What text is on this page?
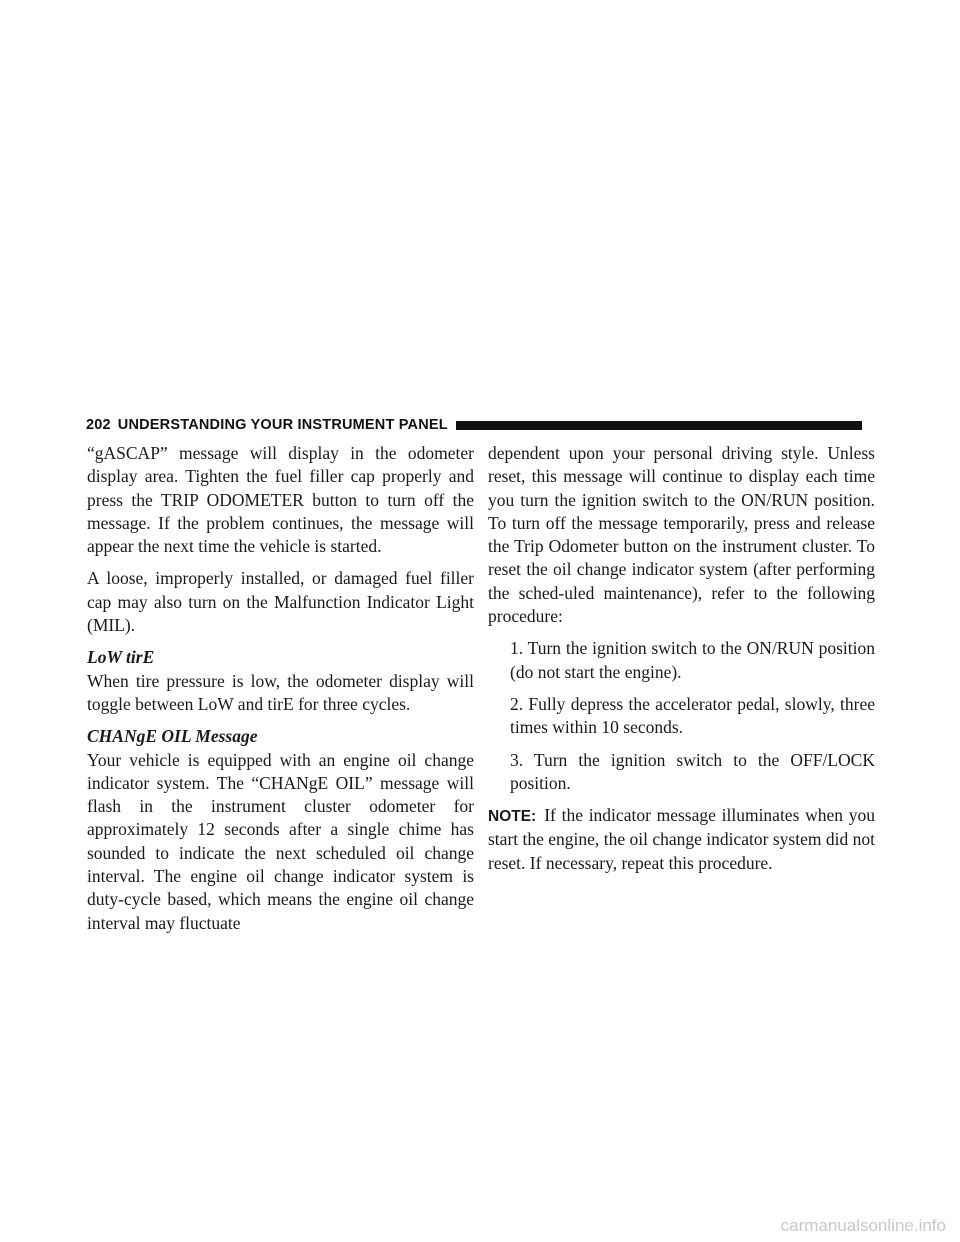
202 UNDERSTANDING YOUR INSTRUMENT PANEL

“gASCAP” message will display in the odometer display area. Tighten the fuel filler cap properly and press the TRIP ODOMETER button to turn off the message. If the problem continues, the message will appear the next time the vehicle is started.

A loose, improperly installed, or damaged fuel filler cap may also turn on the Malfunction Indicator Light (MIL).

LoW tirE

When tire pressure is low, the odometer display will toggle between LoW and tirE for three cycles.

CHANgE OIL Message

Your vehicle is equipped with an engine oil change indicator system. The “CHANgE OIL” message will flash in the instrument cluster odometer for approximately 12 seconds after a single chime has sounded to indicate the next scheduled oil change interval. The engine oil change indicator system is duty-cycle based, which means the engine oil change interval may fluctuate

dependent upon your personal driving style. Unless reset, this message will continue to display each time you turn the ignition switch to the ON/RUN position. To turn off the message temporarily, press and release the Trip Odometer button on the instrument cluster. To reset the oil change indicator system (after performing the sched-uled maintenance), refer to the following procedure:

1. Turn the ignition switch to the ON/RUN position (do not start the engine).
2. Fully depress the accelerator pedal, slowly, three times within 10 seconds.
3. Turn the ignition switch to the OFF/LOCK position.

NOTE: If the indicator message illuminates when you start the engine, the oil change indicator system did not reset. If necessary, repeat this procedure.

carmanualsonline.info
